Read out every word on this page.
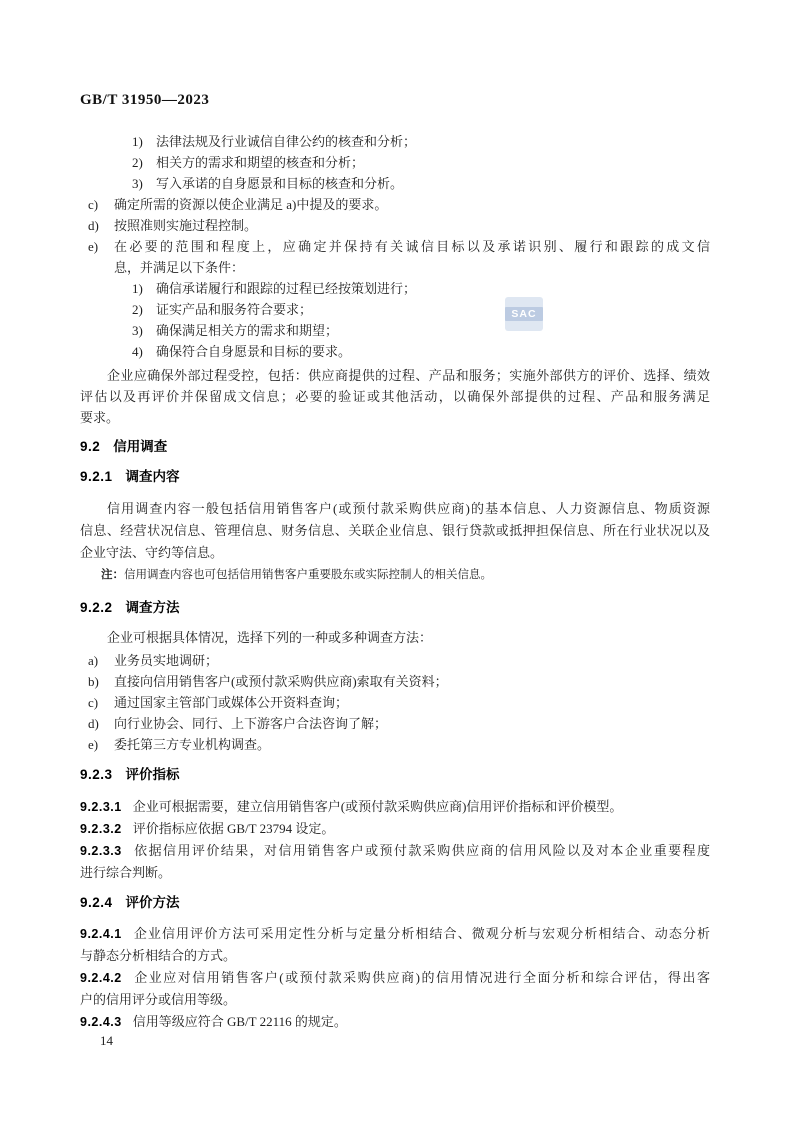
GB/T 31950—2023
SAC
1) 法律法规及行业诚信自律公约的核查和分析；
2) 相关方的需求和期望的核查和分析；
3) 写入承诺的自身愿景和目标的核查和分析。
c) 确定所需的资源以使企业满足 a)中提及的要求。
d) 按照准则实施过程控制。
e) 在必要的范围和程度上，应确定并保持有关诚信目标以及承诺识别、履行和跟踪的成文信
息，并满足以下条件：
1) 确信承诺履行和跟踪的过程已经按策划进行；
2) 证实产品和服务符合要求；
3) 确保满足相关方的需求和期望；
4) 确保符合自身愿景和目标的要求。
企业应确保外部过程受控，包括：供应商提供的过程、产品和服务；实施外部供方的评价、选择、绩效
评估以及再评价并保留成文信息；必要的验证或其他活动，以确保外部提供的过程、产品和服务满足
要求。
9.2 信用调查
9.2.1 调查内容
信用调查内容一般包括信用销售客户(或预付款采购供应商)的基本信息、人力资源信息、物质资源
信息、经营状况信息、管理信息、财务信息、关联企业信息、银行贷款或抵押担保信息、所在行业状况以及
企业守法、守约等信息。
注：信用调查内容也可包括信用销售客户重要股东或实际控制人的相关信息。
9.2.2 调查方法
企业可根据具体情况，选择下列的一种或多种调查方法：
a) 业务员实地调研；
b) 直接向信用销售客户(或预付款采购供应商)索取有关资料；
c) 通过国家主管部门或媒体公开资料查询；
d) 向行业协会、同行、上下游客户合法咨询了解；
e) 委托第三方专业机构调查。
9.2.3 评价指标
9.2.3.1 企业可根据需要，建立信用销售客户(或预付款采购供应商)信用评价指标和评价模型。
9.2.3.2 评价指标应依据 GB/T 23794 设定。
9.2.3.3 依据信用评价结果，对信用销售客户或预付款采购供应商的信用风险以及对本企业重要程度
进行综合判断。
9.2.4 评价方法
9.2.4.1 企业信用评价方法可采用定性分析与定量分析相结合、微观分析与宏观分析相结合、动态分析
与静态分析相结合的方式。
9.2.4.2 企业应对信用销售客户(或预付款采购供应商)的信用情况进行全面分析和综合评估，得出客
户的信用评分或信用等级。
9.2.4.3 信用等级应符合 GB/T 22116 的规定。
14
